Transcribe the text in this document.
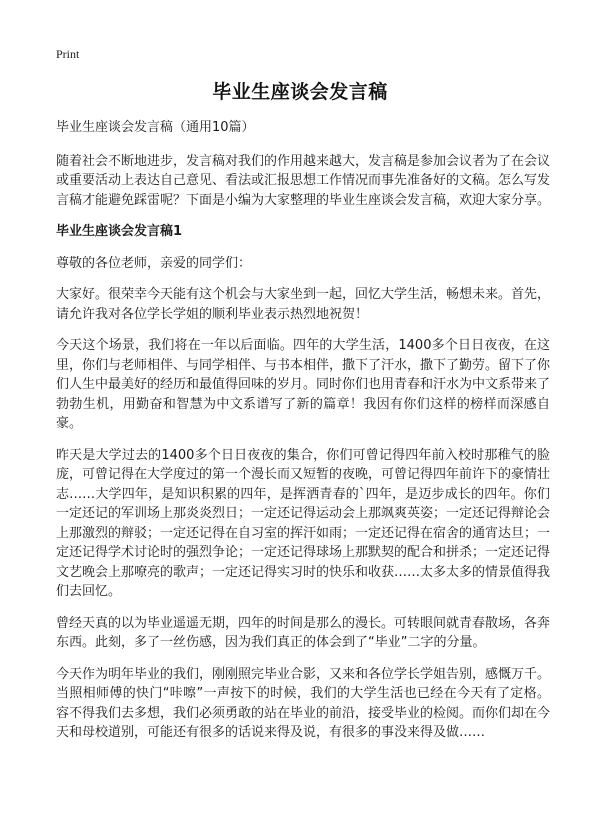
Print
毕业生座谈会发言稿

毕业生座谈会发言稿（通用10篇）

随着社会不断地进步，发言稿对我们的作用越来越大，发言稿是参加会议者为了在会议或重要活动上表达自己意见、看法或汇报思想工作情况而事先准备好的文稿。怎么写发言稿才能避免踩雷呢？下面是小编为大家整理的毕业生座谈会发言稿，欢迎大家分享。

毕业生座谈会发言稿1

尊敬的各位老师，亲爱的同学们：

大家好。很荣幸今天能有这个机会与大家坐到一起，回忆大学生活，畅想未来。首先，请允许我对各位学长学姐的顺利毕业表示热烈地祝贺！

今天这个场景，我们将在一年以后面临。四年的大学生活，1400多个日日夜夜，在这里，你们与老师相伴、与同学相伴、与书本相伴，撒下了汗水，撒下了勤劳。留下了你们人生中最美好的经历和最值得回味的岁月。同时你们也用青春和汗水为中文系带来了勃勃生机，用勤奋和智慧为中文系谱写了新的篇章！我因有你们这样的榜样而深感自豪。

昨天是大学过去的1400多个日日夜夜的集合，你们可曾记得四年前入校时那稚气的脸庞，可曾记得在大学度过的第一个漫长而又短暂的夜晚，可曾记得四年前许下的豪情壮志……大学四年，是知识积累的四年，是挥洒青春的`四年，是迈步成长的四年。你们一定还记的军训场上那炎炎烈日；一定还记得运动会上那飒爽英姿；一定还记得辩论会上那激烈的辩驳；一定还记得在自习室的挥汗如雨；一定还记得在宿舍的通宵达旦；一定还记得学术讨论时的强烈争论；一定还记得球场上那默契的配合和拼杀；一定还记得文艺晚会上那嘹亮的歌声；一定还记得实习时的快乐和收获……太多太多的情景值得我们去回忆。

曾经天真的以为毕业遥遥无期，四年的时间是那么的漫长。可转眼间就青春散场，各奔东西。此刻，多了一丝伤感，因为我们真正的体会到了“毕业”二字的分量。

今天作为明年毕业的我们，刚刚照完毕业合影，又来和各位学长学姐告别，感慨万千。当照相师傅的快门“咔嚓”一声按下的时候，我们的大学生活也已经在今天有了定格。容不得我们去多想，我们必须勇敢的站在毕业的前沿，接受毕业的检阅。而你们却在今天和母校道别，可能还有很多的话说来得及说，有很多的事没来得及做……
